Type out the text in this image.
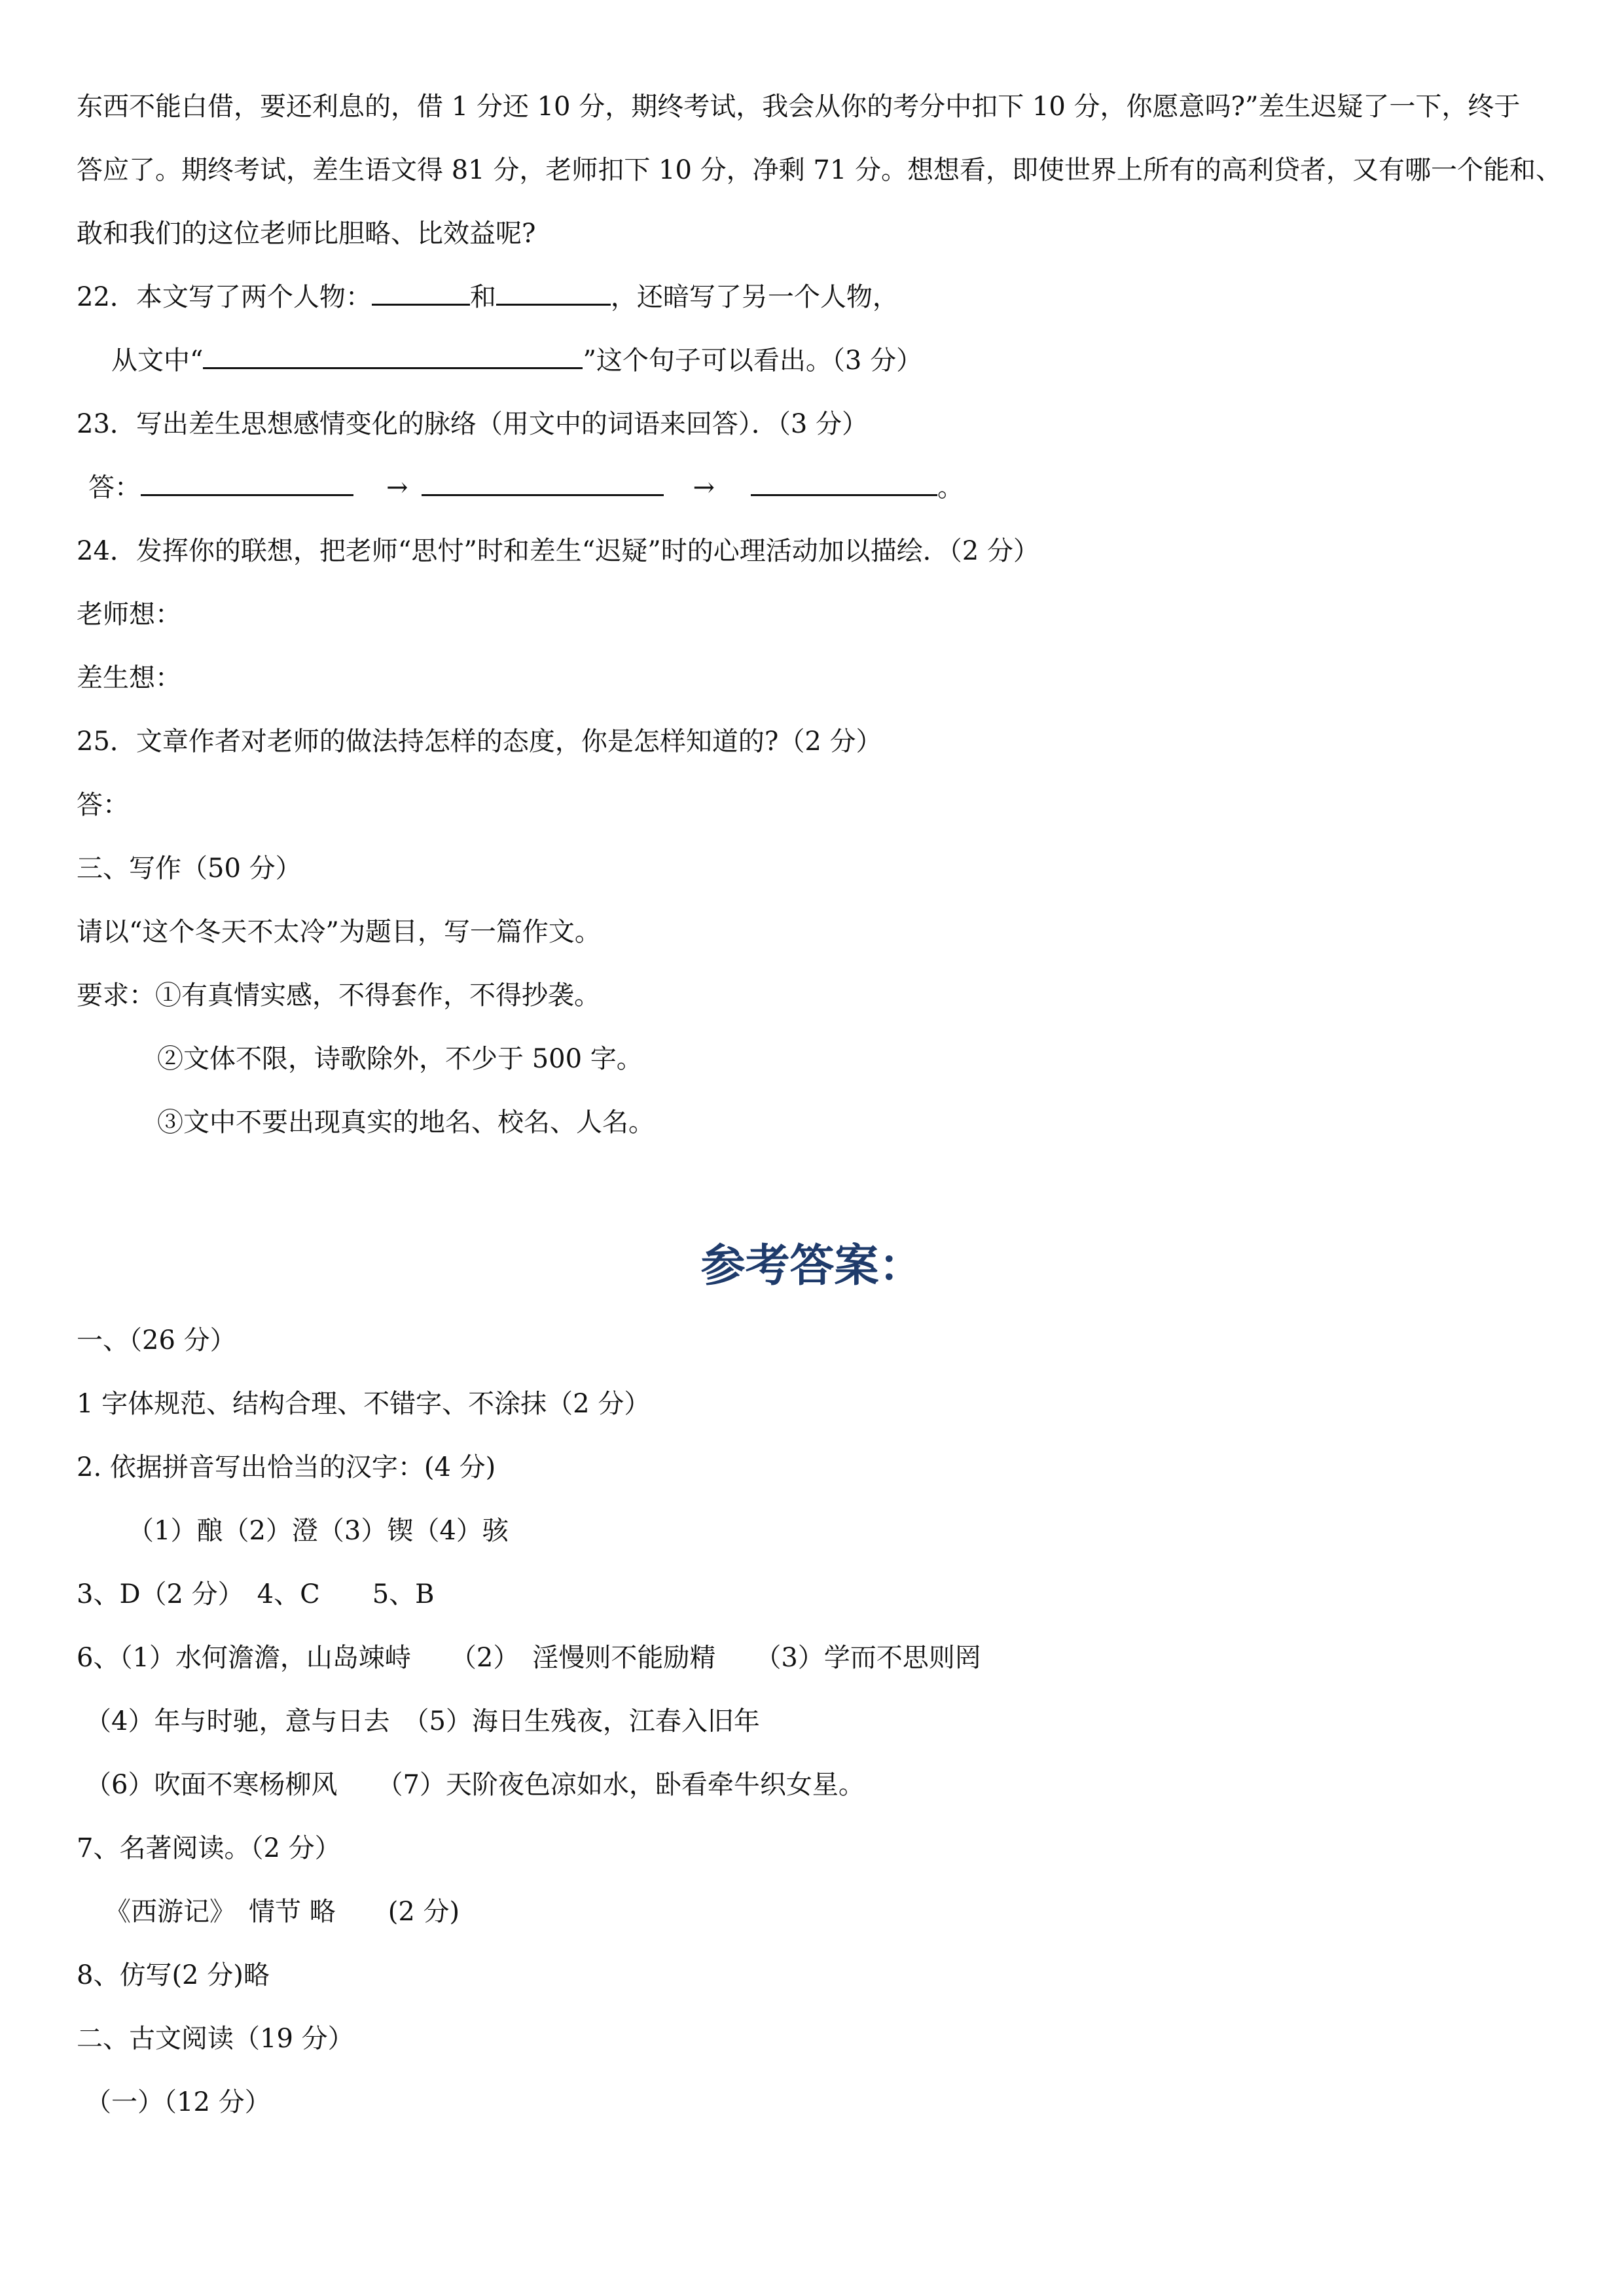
东西不能白借，要还利息的，借 1 分还 10 分，期终考试，我会从你的考分中扣下 10 分，你愿意吗?”差生迟疑了一下，终于
答应了。期终考试，差生语文得 81 分，老师扣下 10 分，净剩 71 分。想想看，即使世界上所有的高利贷者，又有哪一个能和、
敢和我们的这位老师比胆略、比效益呢?
22．本文写了两个人物：	和	，还暗写了另一个人物，
从文中“	”这个句子可以看出。（3 分）
23．写出差生思想感情变化的脉络（用文中的词语来回答）．（3 分）
答：	→	→	。
24．发挥你的联想，把老师“思忖”时和差生“迟疑”时的心理活动加以描绘．（2 分）
老师想：
差生想：
25．文章作者对老师的做法持怎样的态度，你是怎样知道的?（2 分）
答：
三、写作（50 分）
请以“这个冬天不太冷”为题目，写一篇作文。
要求：①有真情实感，不得套作，不得抄袭。
②文体不限，诗歌除外，不少于 500 字。
③文中不要出现真实的地名、校名、人名。
参考答案：
一、（26 分）
1 字体规范、结构合理、不错字、不涂抹（2 分）
2. 依据拼音写出恰当的汉字：(4 分)
（1）酿（2）澄（3）锲（4）骇
3、D（2 分）　4、C　　5、B
6、（1）水何澹澹，山岛竦峙　　（2）　淫慢则不能励精　　（3）学而不思则罔
（4）年与时驰，意与日去　（5）海日生残夜，江春入旧年
（6）吹面不寒杨柳风　　（7）天阶夜色凉如水，卧看牵牛织女星。
7、名著阅读。（2 分）
《西游记》　情节 略　　(2 分)
8、仿写(2 分)略
二、古文阅读（19 分）
（一）（12 分）
